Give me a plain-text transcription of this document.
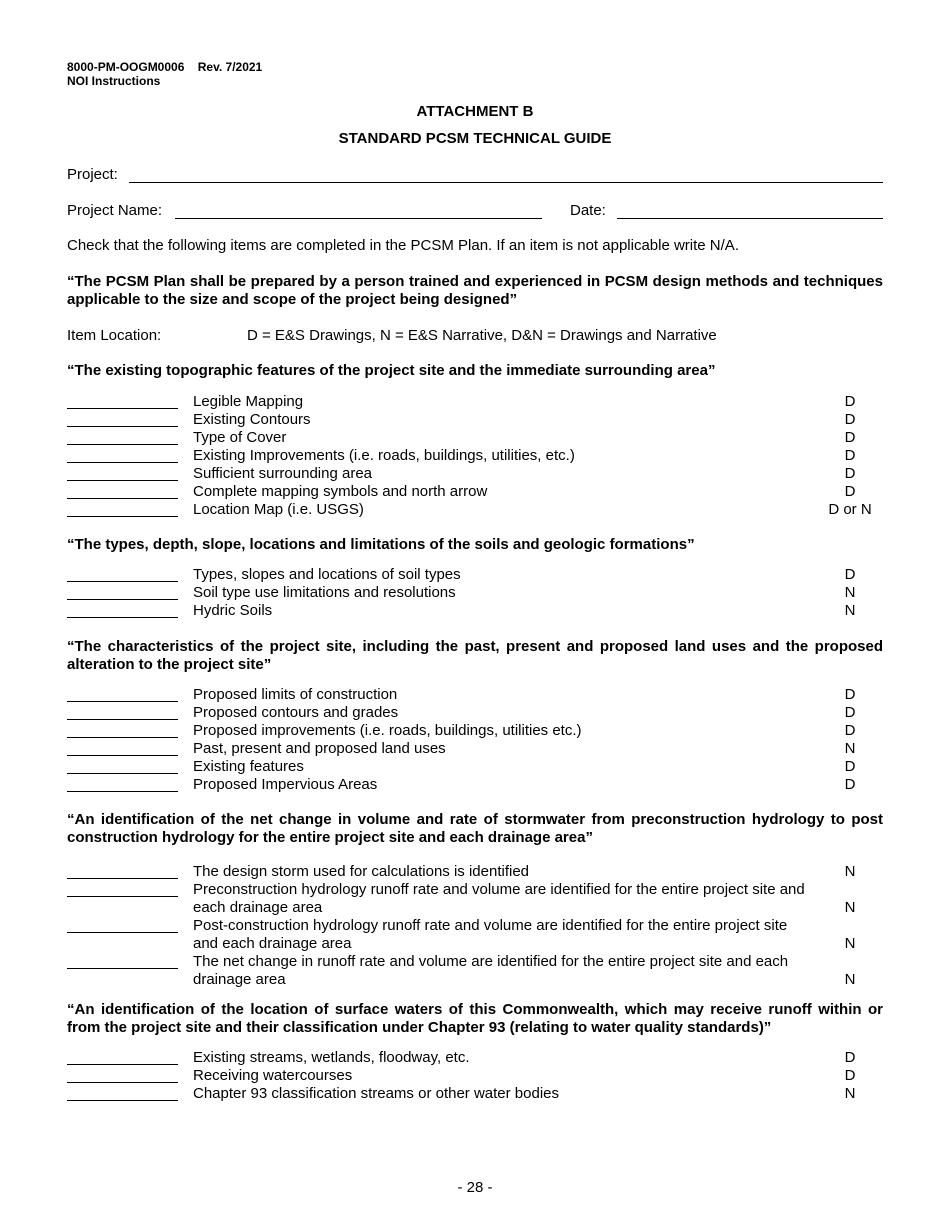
8000-PM-OOGM0006 Rev. 7/2021
NOI Instructions
ATTACHMENT B
STANDARD PCSM TECHNICAL GUIDE
Project:
Project Name:	Date:
Check that the following items are completed in the PCSM Plan. If an item is not applicable write N/A.
“The PCSM Plan shall be prepared by a person trained and experienced in PCSM design methods and techniques applicable to the size and scope of the project being designed”
Item Location:	D = E&S Drawings, N = E&S Narrative, D&N = Drawings and Narrative
“The existing topographic features of the project site and the immediate surrounding area”
Legible Mapping	D
Existing Contours	D
Type of Cover	D
Existing Improvements (i.e. roads, buildings, utilities, etc.)	D
Sufficient surrounding area	D
Complete mapping symbols and north arrow	D
Location Map (i.e. USGS)	D or N
“The types, depth, slope, locations and limitations of the soils and geologic formations”
Types, slopes and locations of soil types	D
Soil type use limitations and resolutions	N
Hydric Soils	N
“The characteristics of the project site, including the past, present and proposed land uses and the proposed alteration to the project site”
Proposed limits of construction	D
Proposed contours and grades	D
Proposed improvements (i.e. roads, buildings, utilities etc.)	D
Past, present and proposed land uses	N
Existing features	D
Proposed Impervious Areas	D
“An identification of the net change in volume and rate of stormwater from preconstruction hydrology to post construction hydrology for the entire project site and each drainage area”
The design storm used for calculations is identified	N
Preconstruction hydrology runoff rate and volume are identified for the entire project site and each drainage area	N
Post-construction hydrology runoff rate and volume are identified for the entire project site and each drainage area	N
The net change in runoff rate and volume are identified for the entire project site and each drainage area	N
“An identification of the location of surface waters of this Commonwealth, which may receive runoff within or from the project site and their classification under Chapter 93 (relating to water quality standards)”
Existing streams, wetlands, floodway, etc.	D
Receiving watercourses	D
Chapter 93 classification streams or other water bodies	N
- 28 -
